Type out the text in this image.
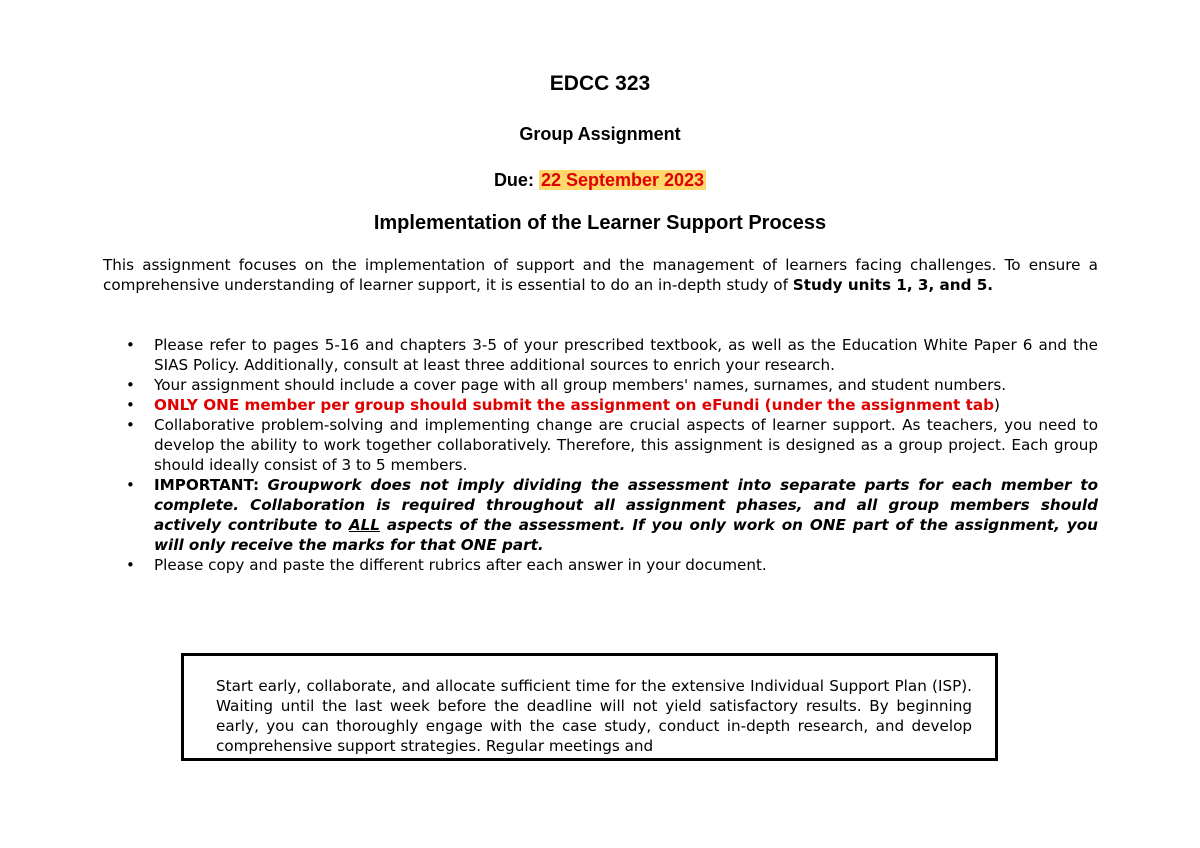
EDCC 323
Group Assignment
Due: 22 September 2023
Implementation of the Learner Support Process
This assignment focuses on the implementation of support and the management of learners facing challenges. To ensure a comprehensive understanding of learner support, it is essential to do an in-depth study of Study units 1, 3, and 5.
• Please refer to pages 5-16 and chapters 3-5 of your prescribed textbook, as well as the Education White Paper 6 and the SIAS Policy. Additionally, consult at least three additional sources to enrich your research.
• Your assignment should include a cover page with all group members' names, surnames, and student numbers.
• ONLY ONE member per group should submit the assignment on eFundi (under the assignment tab)
• Collaborative problem-solving and implementing change are crucial aspects of learner support. As teachers, you need to develop the ability to work together collaboratively. Therefore, this assignment is designed as a group project. Each group should ideally consist of 3 to 5 members.
• IMPORTANT: Groupwork does not imply dividing the assessment into separate parts for each member to complete. Collaboration is required throughout all assignment phases, and all group members should actively contribute to ALL aspects of the assessment. If you only work on ONE part of the assignment, you will only receive the marks for that ONE part.
• Please copy and paste the different rubrics after each answer in your document.
Start early, collaborate, and allocate sufficient time for the extensive Individual Support Plan (ISP). Waiting until the last week before the deadline will not yield satisfactory results. By beginning early, you can thoroughly engage with the case study, conduct in-depth research, and develop comprehensive support strategies. Regular meetings and
